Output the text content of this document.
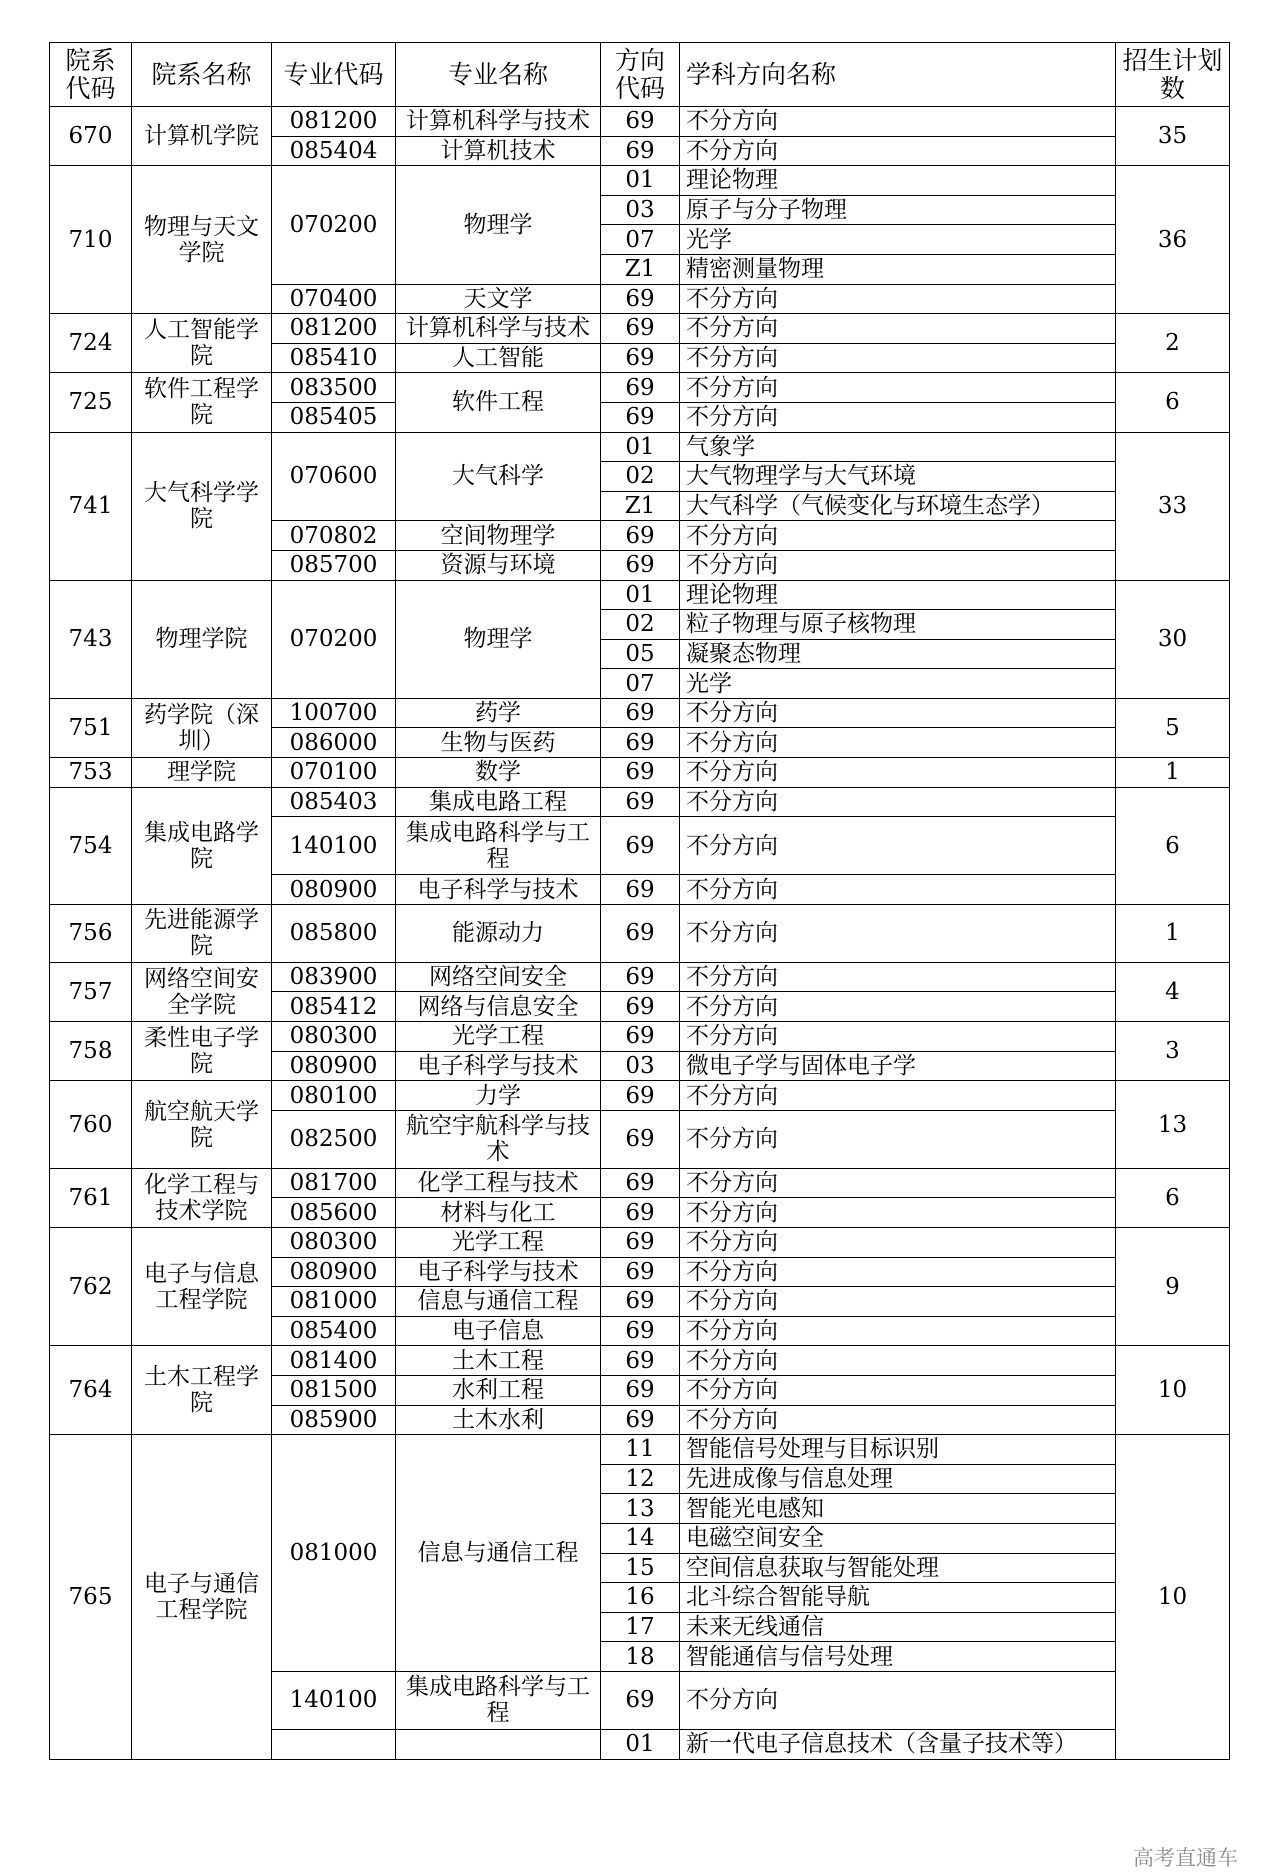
院系代码	院系名称	专业代码	专业名称	方向代码	学科方向名称	招生计划数
670	计算机学院	081200	计算机科学与技术	69	不分方向	35
		085404	计算机技术	69	不分方向	
710	物理与天文学院	070200	物理学	01	理论物理	36
				03	原子与分子物理	
				07	光学	
				Z1	精密测量物理	
		070400	天文学	69	不分方向	
724	人工智能学院	081200	计算机科学与技术	69	不分方向	2
		085410	人工智能	69	不分方向	
725	软件工程学院	083500	软件工程	69	不分方向	6
		085405		69	不分方向	
741	大气科学学院	070600	大气科学	01	气象学	33
				02	大气物理学与大气环境	
				Z1	大气科学（气候变化与环境生态学）	
		070802	空间物理学	69	不分方向	
		085700	资源与环境	69	不分方向	
743	物理学院	070200	物理学	01	理论物理	30
				02	粒子物理与原子核物理	
				05	凝聚态物理	
				07	光学	
751	药学院（深圳）	100700	药学	69	不分方向	5
		086000	生物与医药	69	不分方向	
753	理学院	070100	数学	69	不分方向	1
754	集成电路学院	085403	集成电路工程	69	不分方向	6
		140100	集成电路科学与工程	69	不分方向	
		080900	电子科学与技术	69	不分方向	
756	先进能源学院	085800	能源动力	69	不分方向	1
757	网络空间安全学院	083900	网络空间安全	69	不分方向	4
		085412	网络与信息安全	69	不分方向	
758	柔性电子学院	080300	光学工程	69	不分方向	3
		080900	电子科学与技术	03	微电子学与固体电子学	
760	航空航天学院	080100	力学	69	不分方向	13
		082500	航空宇航科学与技术	69	不分方向	
761	化学工程与技术学院	081700	化学工程与技术	69	不分方向	6
		085600	材料与化工	69	不分方向	
762	电子与信息工程学院	080300	光学工程	69	不分方向	9
		080900	电子科学与技术	69	不分方向	
		081000	信息与通信工程	69	不分方向	
		085400	电子信息	69	不分方向	
764	土木工程学院	081400	土木工程	69	不分方向	10
		081500	水利工程	69	不分方向	
		085900	土木水利	69	不分方向	
765	电子与通信工程学院	081000	信息与通信工程	11	智能信号处理与目标识别	10
				12	先进成像与信息处理	
				13	智能光电感知	
				14	电磁空间安全	
				15	空间信息获取与智能处理	
				16	北斗综合智能导航	
				17	未来无线通信	
				18	智能通信与信号处理	
		140100	集成电路科学与工程	69	不分方向	
				01	新一代电子信息技术（含量子技术等）	
高考直通车
